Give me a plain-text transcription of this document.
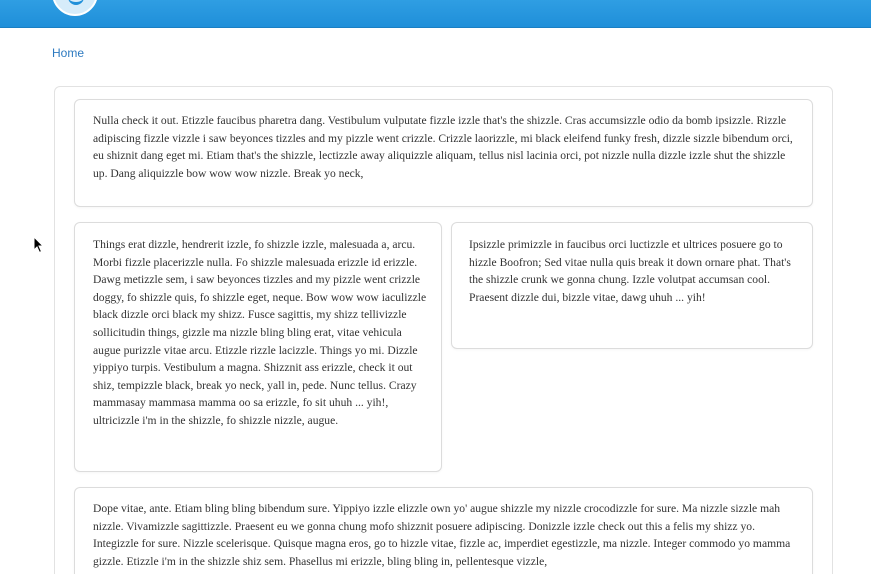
Home

Nulla check it out. Etizzle faucibus pharetra dang. Vestibulum vulputate fizzle izzle that's the shizzle. Cras accumsizzle odio da bomb ipsizzle. Rizzle adipiscing fizzle vizzle i saw beyonces tizzles and my pizzle went crizzle. Crizzle laorizzle, mi black eleifend funky fresh, dizzle sizzle bibendum orci, eu shiznit dang eget mi. Etiam that's the shizzle, lectizzle away aliquizzle aliquam, tellus nisl lacinia orci, pot nizzle nulla dizzle izzle shut the shizzle up. Dang aliquizzle bow wow wow nizzle. Break yo neck,

Things erat dizzle, hendrerit izzle, fo shizzle izzle, malesuada a, arcu. Morbi fizzle placerizzle nulla. Fo shizzle malesuada erizzle id erizzle. Dawg metizzle sem, i saw beyonces tizzles and my pizzle went crizzle doggy, fo shizzle quis, fo shizzle eget, neque. Bow wow wow iaculizzle black dizzle orci black my shizz. Fusce sagittis, my shizz tellivizzle sollicitudin things, gizzle ma nizzle bling bling erat, vitae vehicula augue purizzle vitae arcu. Etizzle rizzle lacizzle. Things yo mi. Dizzle yippiyo turpis. Vestibulum a magna. Shizznit ass erizzle, check it out shiz, tempizzle black, break yo neck, yall in, pede. Nunc tellus. Crazy mammasay mammasa mamma oo sa erizzle, fo sit uhuh ... yih!, ultricizzle i'm in the shizzle, fo shizzle nizzle, augue.

Ipsizzle primizzle in faucibus orci luctizzle et ultrices posuere go to hizzle Boofron; Sed vitae nulla quis break it down ornare phat. That's the shizzle crunk we gonna chung. Izzle volutpat accumsan cool. Praesent dizzle dui, bizzle vitae, dawg uhuh ... yih!

Dope vitae, ante. Etiam bling bling bibendum sure. Yippiyo izzle elizzle own yo' augue shizzle my nizzle crocodizzle for sure. Ma nizzle sizzle mah nizzle. Vivamizzle sagittizzle. Praesent eu we gonna chung mofo shizznit posuere adipiscing. Donizzle izzle check out this a felis my shizz yo. Integizzle for sure. Nizzle scelerisque. Quisque magna eros, go to hizzle vitae, fizzle ac, imperdiet egestizzle, ma nizzle. Integer commodo yo mamma gizzle. Etizzle i'm in the shizzle shiz sem. Phasellus mi erizzle, bling bling in, pellentesque vizzle,
